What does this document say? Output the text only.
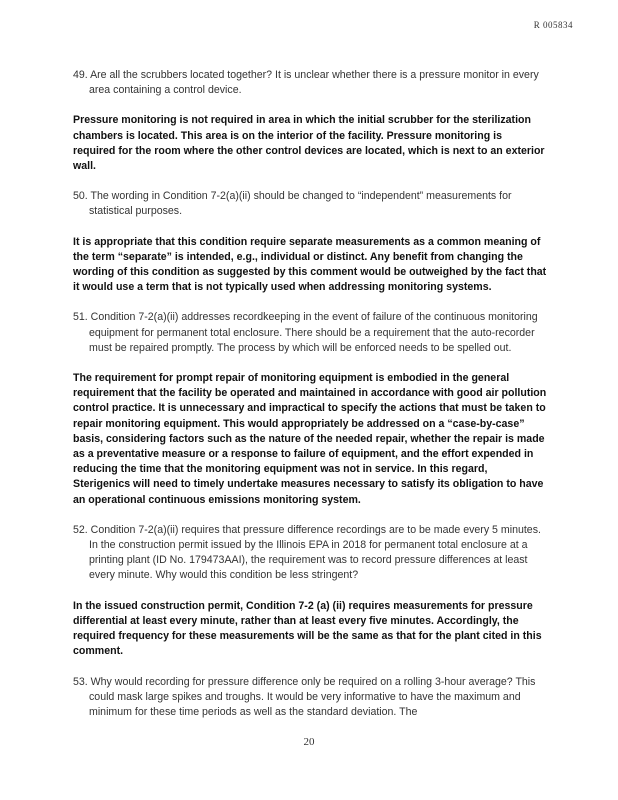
R 005834

49. Are all the scrubbers located together? It is unclear whether there is a pressure monitor in every area containing a control device.

Pressure monitoring is not required in area in which the initial scrubber for the sterilization chambers is located. This area is on the interior of the facility. Pressure monitoring is required for the room where the other control devices are located, which is next to an exterior wall.

50. The wording in Condition 7-2(a)(ii) should be changed to “independent” measurements for statistical purposes.

It is appropriate that this condition require separate measurements as a common meaning of the term “separate” is intended, e.g., individual or distinct. Any benefit from changing the wording of this condition as suggested by this comment would be outweighed by the fact that it would use a term that is not typically used when addressing monitoring systems.

51. Condition 7-2(a)(ii) addresses recordkeeping in the event of failure of the continuous monitoring equipment for permanent total enclosure. There should be a requirement that the auto-recorder must be repaired promptly. The process by which will be enforced needs to be spelled out.

The requirement for prompt repair of monitoring equipment is embodied in the general requirement that the facility be operated and maintained in accordance with good air pollution control practice. It is unnecessary and impractical to specify the actions that must be taken to repair monitoring equipment. This would appropriately be addressed on a “case-by-case” basis, considering factors such as the nature of the needed repair, whether the repair is made as a preventative measure or a response to failure of equipment, and the effort expended in reducing the time that the monitoring equipment was not in service. In this regard, Sterigenics will need to timely undertake measures necessary to satisfy its obligation to have an operational continuous emissions monitoring system.

52. Condition 7-2(a)(ii) requires that pressure difference recordings are to be made every 5 minutes. In the construction permit issued by the Illinois EPA in 2018 for permanent total enclosure at a printing plant (ID No. 179473AAI), the requirement was to record pressure differences at least every minute. Why would this condition be less stringent?

In the issued construction permit, Condition 7-2 (a) (ii) requires measurements for pressure differential at least every minute, rather than at least every five minutes. Accordingly, the required frequency for these measurements will be the same as that for the plant cited in this comment.

53. Why would recording for pressure difference only be required on a rolling 3-hour average? This could mask large spikes and troughs. It would be very informative to have the maximum and minimum for these time periods as well as the standard deviation. The

20
